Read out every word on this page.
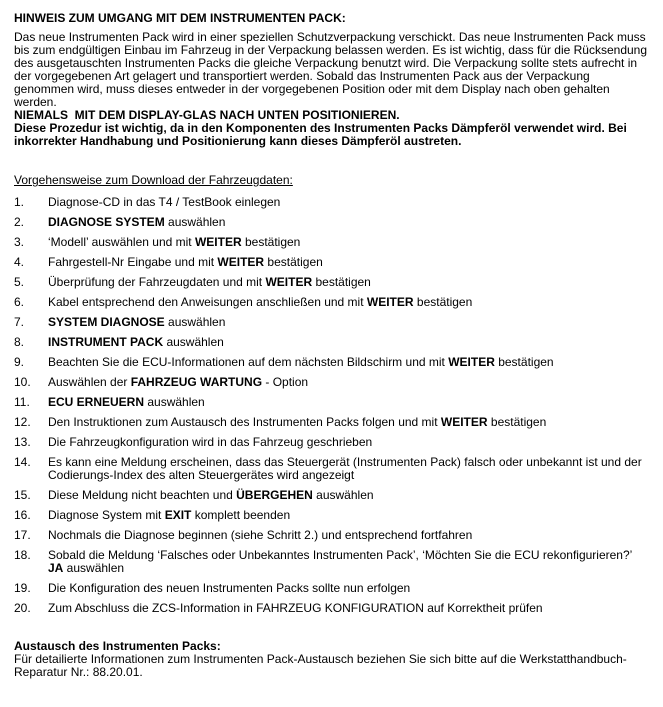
HINWEIS ZUM UMGANG MIT DEM INSTRUMENTEN PACK:

Das neue Instrumenten Pack wird in einer speziellen Schutzverpackung verschickt. Das neue Instrumenten Pack muss bis zum endgültigen Einbau im Fahrzeug in der Verpackung belassen werden. Es ist wichtig, dass für die Rücksendung des ausgetauschten Instrumenten Packs die gleiche Verpackung benutzt wird. Die Verpackung sollte stets aufrecht in der vorgegebenen Art gelagert und transportiert werden. Sobald das Instrumenten Pack aus der Verpackung genommen wird, muss dieses entweder in der vorgegebenen Position oder mit dem Display nach oben gehalten werden.

NIEMALS  MIT DEM DISPLAY-GLAS NACH UNTEN POSITIONIEREN.

Diese Prozedur ist wichtig, da in den Komponenten des Instrumenten Packs Dämpferöl verwendet wird. Bei inkorrekter Handhabung und Positionierung kann dieses Dämpferöl austreten.

Vorgehensweise zum Download der Fahrzeugdaten:

1.	Diagnose-CD in das T4 / TestBook einlegen
2.	DIAGNOSE SYSTEM auswählen
3.	‘Modell’ auswählen und mit WEITER bestätigen
4.	Fahrgestell-Nr Eingabe und mit WEITER bestätigen
5.	Überprüfung der Fahrzeugdaten und mit WEITER bestätigen
6.	Kabel entsprechend den Anweisungen anschließen und mit WEITER bestätigen
7.	SYSTEM DIAGNOSE auswählen
8.	INSTRUMENT PACK auswählen
9.	Beachten Sie die ECU-Informationen auf dem nächsten Bildschirm und mit WEITER bestätigen
10.	Auswählen der FAHRZEUG WARTUNG - Option
11.	ECU ERNEUERN auswählen
12.	Den Instruktionen zum Austausch des Instrumenten Packs folgen und mit WEITER bestätigen
13.	Die Fahrzeugkonfiguration wird in das Fahrzeug geschrieben
14.	Es kann eine Meldung erscheinen, dass das Steuergerät (Instrumenten Pack) falsch oder unbekannt ist und der Codierungs-Index des alten Steuergerätes wird angezeigt
15.	Diese Meldung nicht beachten und ÜBERGEHEN auswählen
16.	Diagnose System mit EXIT komplett beenden
17.	Nochmals die Diagnose beginnen (siehe Schritt 2.) und entsprechend fortfahren
18.	Sobald die Meldung ‘Falsches oder Unbekanntes Instrumenten Pack’, ‘Möchten Sie die ECU rekonfigurieren?’ JA auswählen
19.	Die Konfiguration des neuen Instrumenten Packs sollte nun erfolgen
20.	Zum Abschluss die ZCS-Information in FAHRZEUG KONFIGURATION auf Korrektheit prüfen

Austausch des Instrumenten Packs:

Für detailierte Informationen zum Instrumenten Pack-Austausch beziehen Sie sich bitte auf die Werkstatthandbuch-Reparatur Nr.: 88.20.01.
